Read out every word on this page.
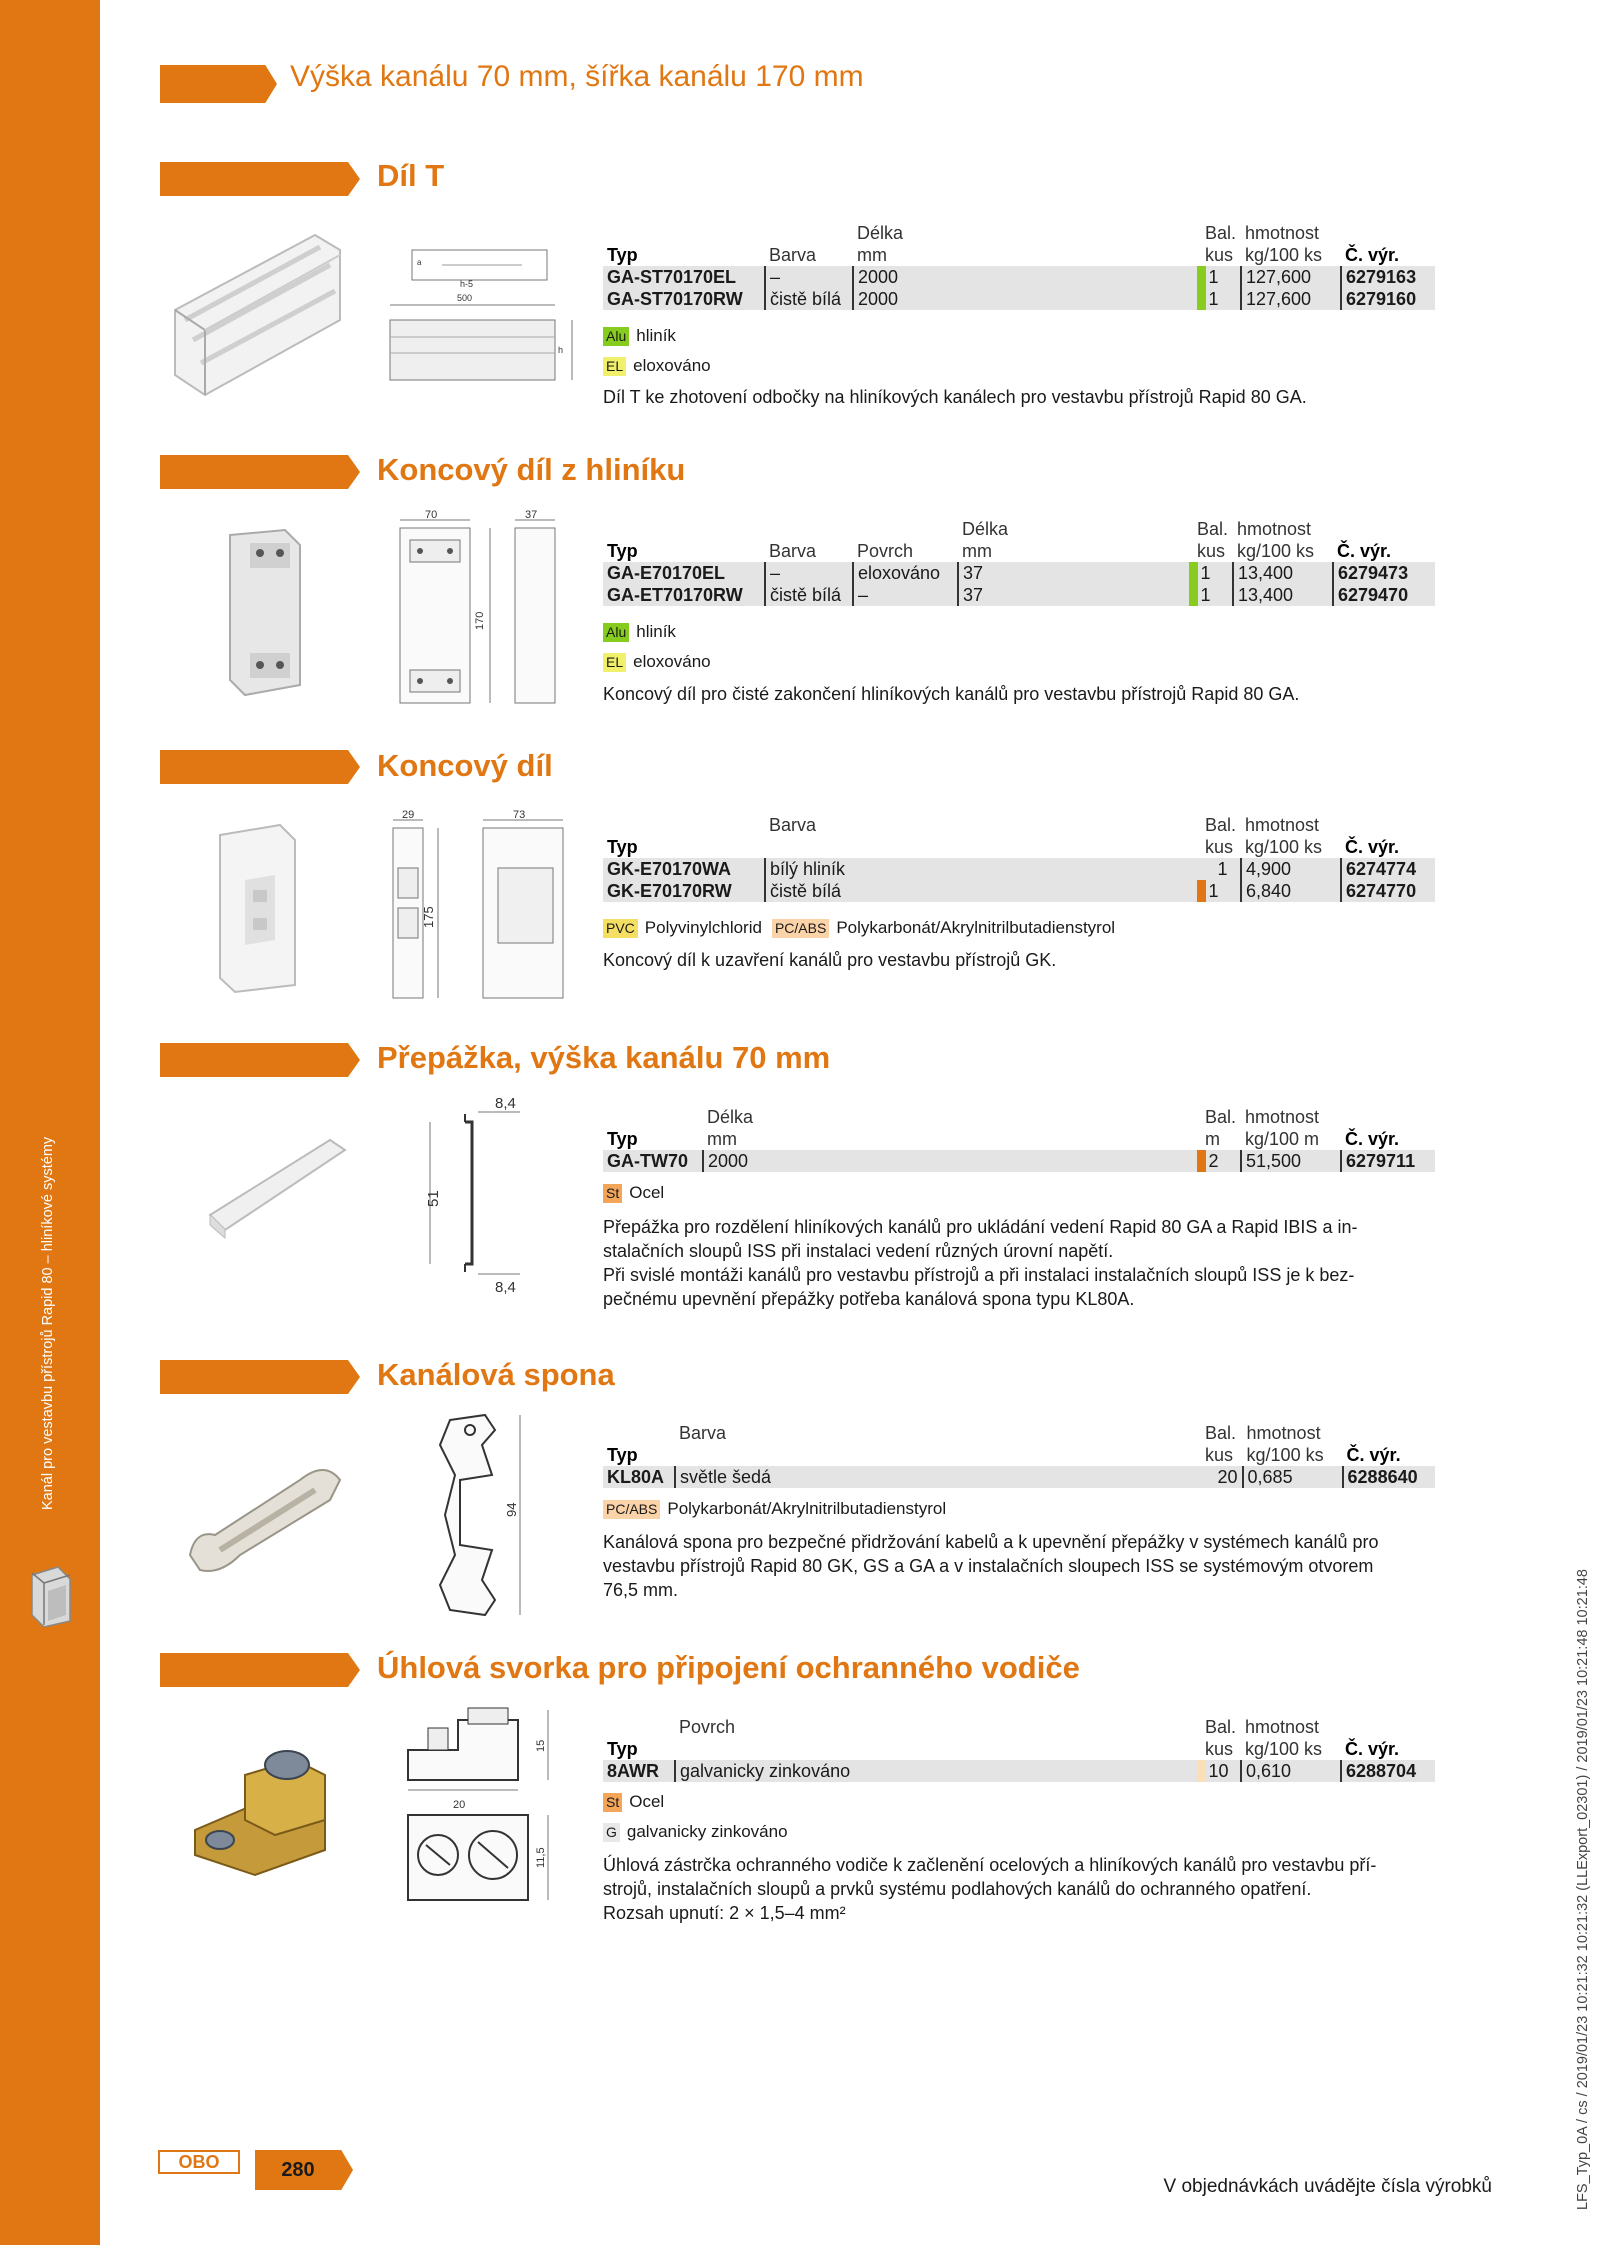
Kanál pro vestavbu přístrojů Rapid 80 – hliníkové systémy
Výška kanálu 70 mm, šířka kanálu 170 mm
Díl T
a
h-5
500
h
		Délka		Bal.	hmotnost	
Typ	Barva	mm		kus	kg/100 ks	Č. výr.
GA-ST70170EL	–	2000		1	127,600	6279163
GA-ST70170RW	čistě bílá	2000		1	127,600	6279160
Alu hliník
EL eloxováno
Díl T ke zhotovení odbočky na hliníkových kanálech pro vestavbu přístrojů Rapid 80 GA.
Koncový díl z hliníku
70	37
170
			Délka	Bal.	hmotnost	
Typ	Barva	Povrch	mm	kus	kg/100 ks	Č. výr.
GA-E70170EL	–	eloxováno	37	1	13,400	6279473
GA-ET70170RW	čistě bílá	–	37	1	13,400	6279470
Alu hliník
EL eloxováno
Koncový díl pro čisté zakončení hliníkových kanálů pro vestavbu přístrojů Rapid 80 GA.
Koncový díl
29	73
175
	Barva		Bal.	hmotnost	
Typ			kus	kg/100 ks	Č. výr.
GK-E70170WA	bílý hliník		1	4,900	6274774
GK-E70170RW	čistě bílá		1	6,840	6274770
PVC Polyvinylchlorid PC/ABS Polykarbonát/Akrylnitrilbutadienstyrol
Koncový díl k uzavření kanálů pro vestavbu přístrojů GK.
Přepážka, výška kanálu 70 mm
8,4
51
8,4
	Délka		Bal.	hmotnost	
Typ	mm		m	kg/100 m	Č. výr.
GA-TW70	2000		2	51,500	6279711
St Ocel
Přepážka pro rozdělení hliníkových kanálů pro ukládání vedení Rapid 80 GA a Rapid IBIS a in-
stalačních sloupů ISS při instalaci vedení různých úrovní napětí.
Při svislé montáži kanálů pro vestavbu přístrojů a při instalaci instalačních sloupů ISS je k bez-
pečnému upevnění přepážky potřeba kanálová spona typu KL80A.
Kanálová spona
94
	Barva		Bal.	hmotnost	
Typ			kus	kg/100 ks	Č. výr.
KL80A	světle šedá		20	0,685	6288640
PC/ABS Polykarbonát/Akrylnitrilbutadienstyrol
Kanálová spona pro bezpečné přidržování kabelů a k upevnění přepážky v systémech kanálů pro
vestavbu přístrojů Rapid 80 GK, GS a GA a v instalačních sloupech ISS se systémovým otvorem
76,5 mm.
Úhlová svorka pro připojení ochranného vodiče
20
15
11,5
	Povrch		Bal.	hmotnost	
Typ			kus	kg/100 ks	Č. výr.
8AWR	galvanicky zinkováno		10	0,610	6288704
St Ocel
G galvanicky zinkováno
Úhlová zástrčka ochranného vodiče k začlenění ocelových a hliníkových kanálů pro vestavbu pří-
strojů, instalačních sloupů a prvků systému podlahových kanálů do ochranného opatření.
Rozsah upnutí: 2 × 1,5–4 mm²
OBO	280
V objednávkách uvádějte čísla výrobků	LFS_Typ_0A / cs / 2019/01/23 10:21:32 10:21:32 (LLExport_02301) / 2019/01/23 10:21:48 10:21:48
